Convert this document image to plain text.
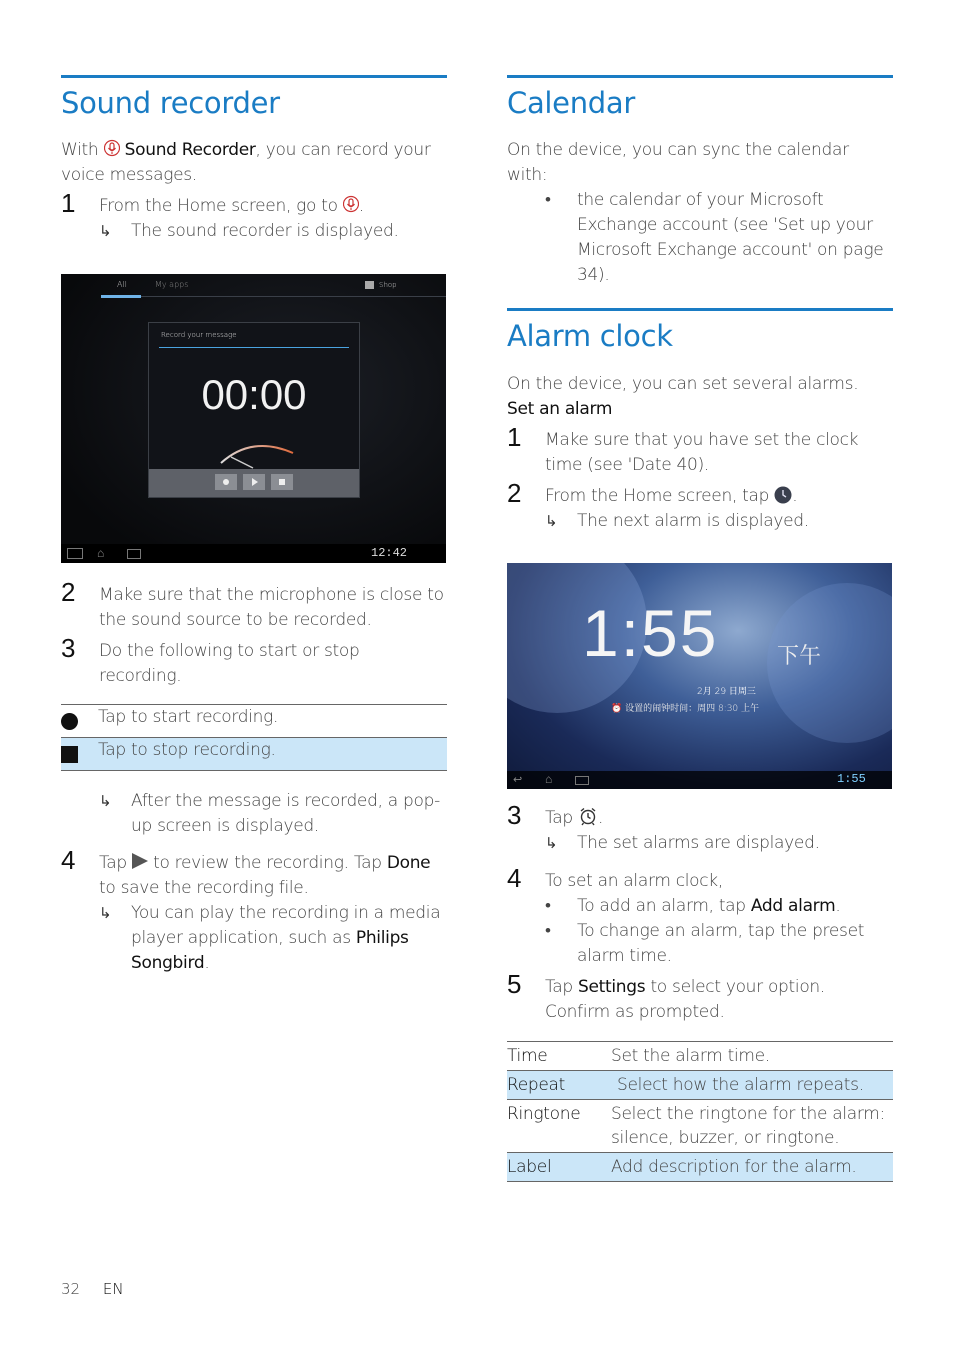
Sound recorder

With Sound Recorder, you can record your voice messages.

1 From the Home screen, go to .
↳ The sound recorder is displayed.
All	My apps	Shop
Record your message
00:00
⌂	12:42
2 Make sure that the microphone is close to the sound source to be recorded.
3 Do the following to start or stop recording.
Tap to start recording.
Tap to stop recording.
↳ After the message is recorded, a pop-up screen is displayed.
4 Tap to review the recording. Tap Done to save the recording file.
↳ You can play the recording in a media player application, such as Philips Songbird.
Calendar

On the device, you can sync the calendar with:

• the calendar of your Microsoft Exchange account (see 'Set up your Microsoft Exchange account' on page 34).
Alarm clock

On the device, you can set several alarms.

Set an alarm

1 Make sure that you have set the clock time (see 'Date 40).
2 From the Home screen, tap .
↳ The next alarm is displayed.
1:55	下午
2月 29 日周三
⏰ 设置的闹钟时间：周四 8:30 上午
↩ ⌂	1:55
3 Tap .
↳ The set alarms are displayed.
4 To set an alarm clock,
• To add an alarm, tap Add alarm.
• To change an alarm, tap the preset alarm time.
5 Tap Settings to select your option. Confirm as prompted.
Time	Set the alarm time.
Repeat	Select how the alarm repeats.
Ringtone	Select the ringtone for the alarm: silence, buzzer, or ringtone.
Label	Add description for the alarm.
32 EN
